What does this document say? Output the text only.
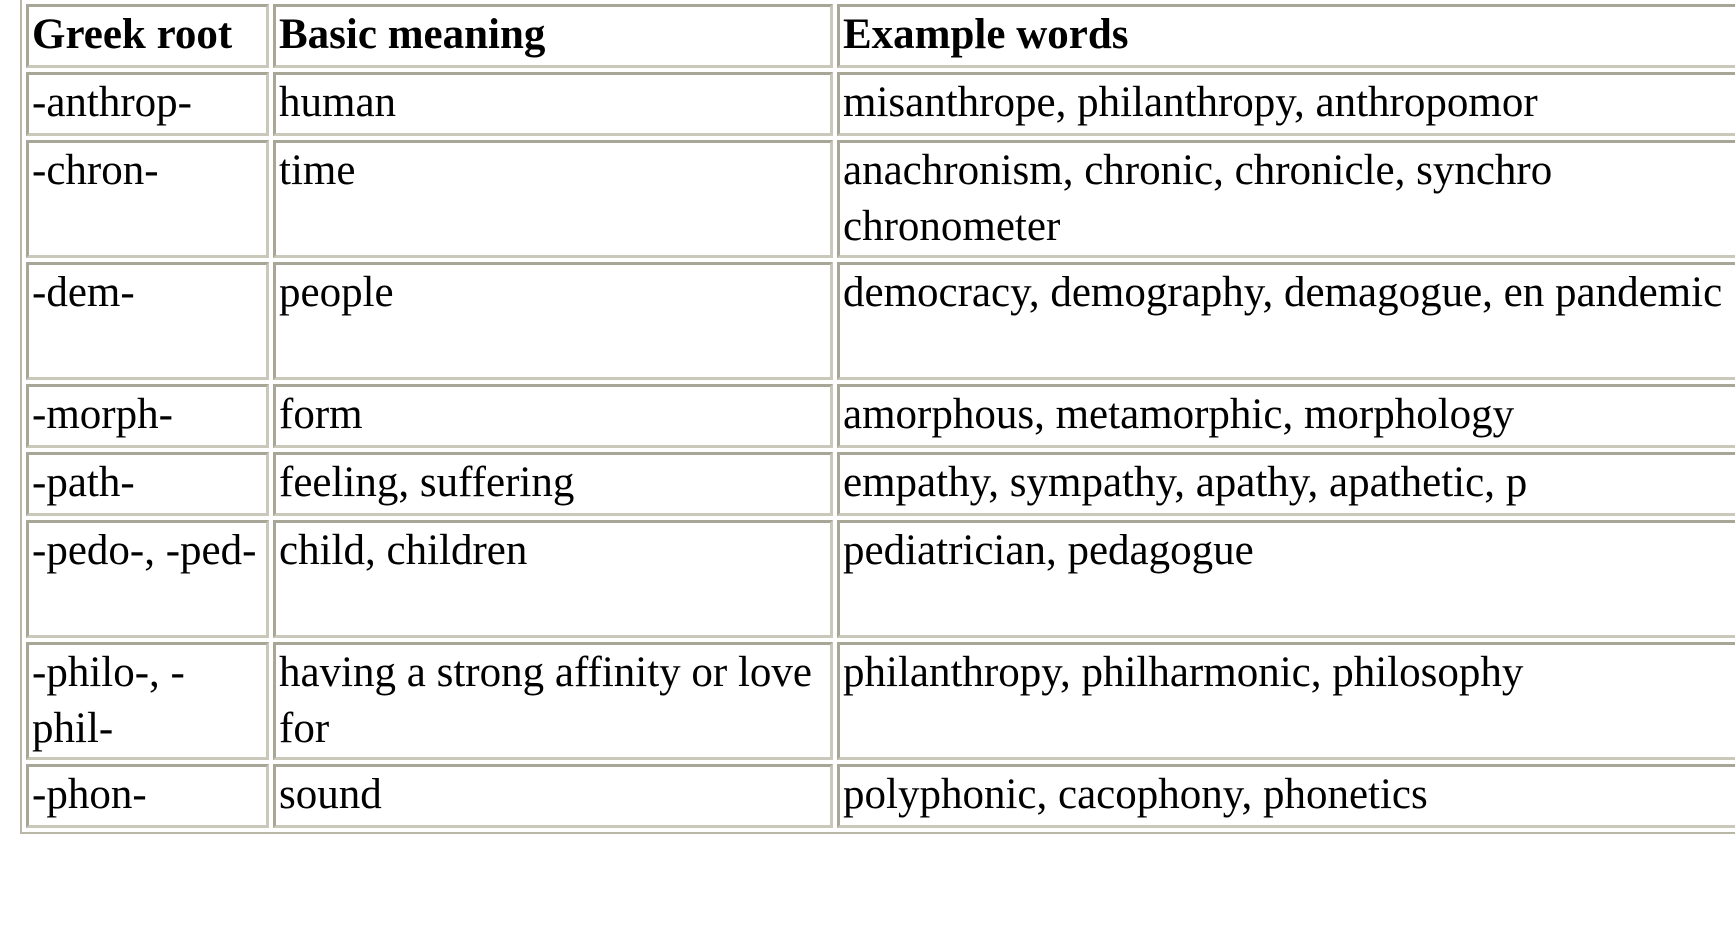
Greek root	Basic meaning	Example words
-anthrop-	human	misanthrope, philanthropy, anthropomor
-chron-	time	anachronism, chronic, chronicle, synchro chronometer
-dem-	people	democracy, demography, demagogue, en pandemic
-morph-	form	amorphous, metamorphic, morphology
-path-	feeling, suffering	empathy, sympathy, apathy, apathetic, p
-pedo-, -ped-	child, children	pediatrician, pedagogue
-philo-, -phil-	having a strong affinity or love for	philanthropy, philharmonic, philosophy
-phon-	sound	polyphonic, cacophony, phonetics
